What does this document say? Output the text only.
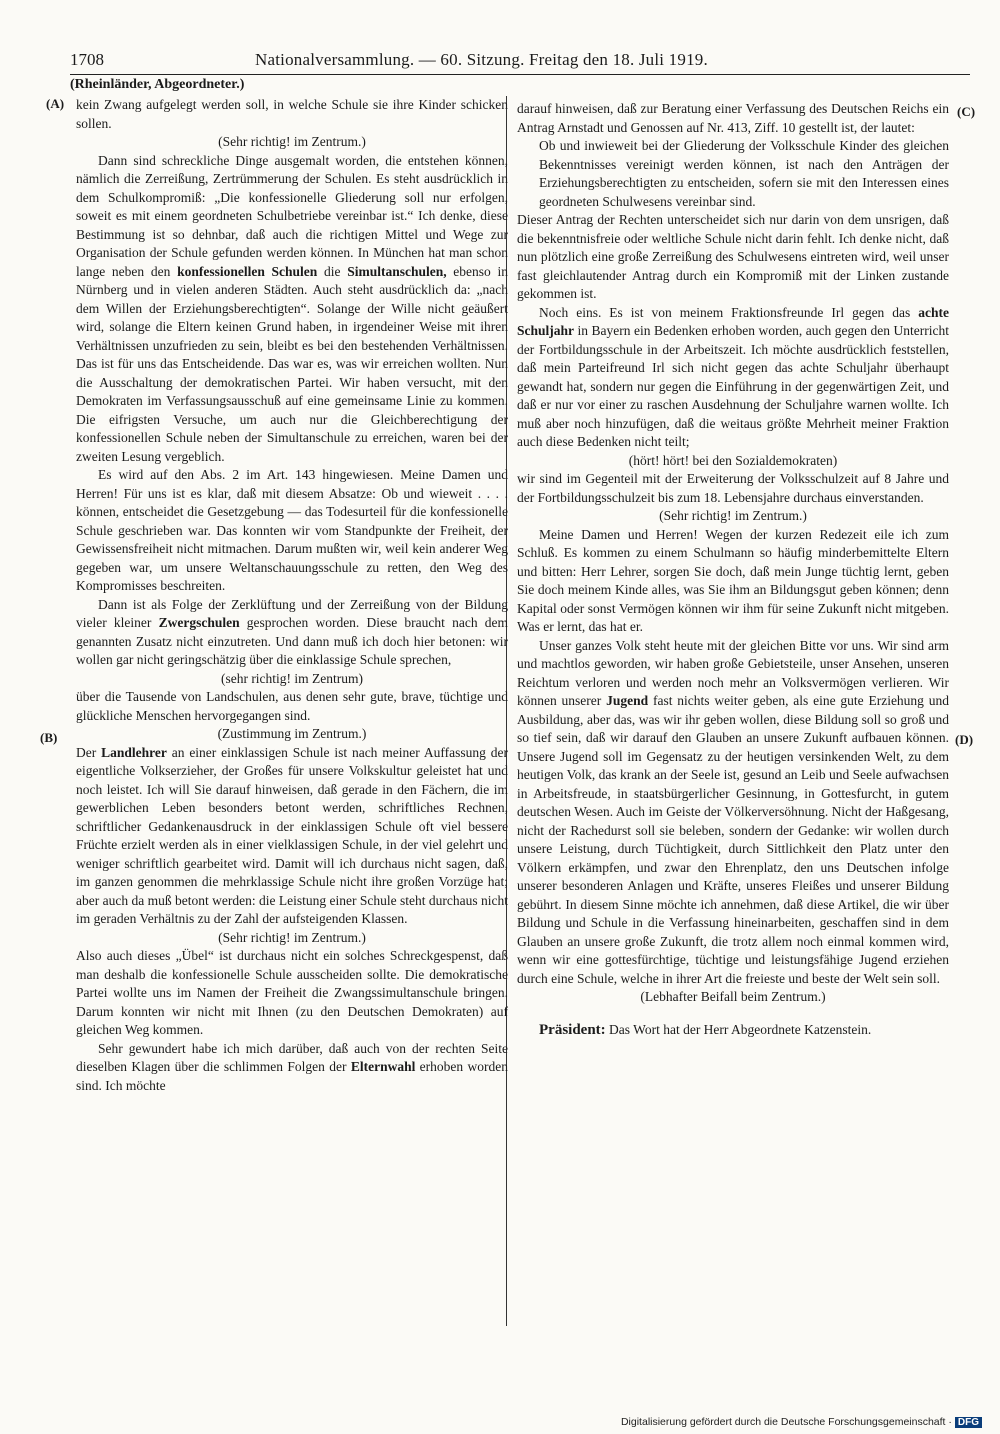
1708	Nationalversammlung. — 60. Sitzung. Freitag den 18. Juli 1919.
(Rheinländer, Abgeordneter.)
(A)
(B)
(C)
(D)

kein Zwang aufgelegt werden soll, in welche Schule sie ihre Kinder schicken sollen.

(Sehr richtig! im Zentrum.)

Dann sind schreckliche Dinge ausgemalt worden, die entstehen können, nämlich die Zerreißung, Zertrümmerung der Schulen. Es steht ausdrücklich in dem Schulkompromiß: „Die konfessionelle Gliederung soll nur erfolgen, soweit es mit einem geordneten Schulbetriebe vereinbar ist.“ Ich denke, diese Bestimmung ist so dehnbar, daß auch die richtigen Mittel und Wege zur Organisation der Schule gefunden werden können. In München hat man schon lange neben den konfessionellen Schulen die Simultanschulen, ebenso in Nürnberg und in vielen anderen Städten. Auch steht ausdrücklich da: „nach dem Willen der Erziehungsberechtigten“. Solange der Wille nicht geäußert wird, solange die Eltern keinen Grund haben, in irgendeiner Weise mit ihren Verhältnissen unzufrieden zu sein, bleibt es bei den bestehenden Verhältnissen. Das ist für uns das Entscheidende. Das war es, was wir erreichen wollten. Nun die Ausschaltung der demokratischen Partei. Wir haben versucht, mit den Demokraten im Verfassungsausschuß auf eine gemeinsame Linie zu kommen. Die eifrigsten Versuche, um auch nur die Gleichberechtigung der konfessionellen Schule neben der Simultanschule zu erreichen, waren bei der zweiten Lesung vergeblich.

Es wird auf den Abs. 2 im Art. 143 hingewiesen. Meine Damen und Herren! Für uns ist es klar, daß mit diesem Absatze: Ob und wieweit . . . . können, entscheidet die Gesetzgebung — das Todesurteil für die konfessionelle Schule geschrieben war. Das konnten wir vom Standpunkte der Freiheit, der Gewissensfreiheit nicht mitmachen. Darum mußten wir, weil kein anderer Weg gegeben war, um unsere Weltanschauungsschule zu retten, den Weg des Kompromisses beschreiten.

Dann ist als Folge der Zerklüftung und der Zerreißung von der Bildung vieler kleiner Zwergschulen gesprochen worden. Diese braucht nach dem genannten Zusatz nicht einzutreten. Und dann muß ich doch hier betonen: wir wollen gar nicht geringschätzig über die einklassige Schule sprechen,

(sehr richtig! im Zentrum)

über die Tausende von Landschulen, aus denen sehr gute, brave, tüchtige und glückliche Menschen hervorgegangen sind.

(Zustimmung im Zentrum.)

Der Landlehrer an einer einklassigen Schule ist nach meiner Auffassung der eigentliche Volkserzieher, der Großes für unsere Volkskultur geleistet hat und noch leistet. Ich will Sie darauf hinweisen, daß gerade in den Fächern, die im gewerblichen Leben besonders betont werden, schriftliches Rechnen, schriftlicher Gedankenausdruck in der einklassigen Schule oft viel bessere Früchte erzielt werden als in einer vielklassigen Schule, in der viel gelehrt und weniger schriftlich gearbeitet wird. Damit will ich durchaus nicht sagen, daß, im ganzen genommen die mehrklassige Schule nicht ihre großen Vorzüge hat; aber auch da muß betont werden: die Leistung einer Schule steht durchaus nicht im geraden Verhältnis zu der Zahl der aufsteigenden Klassen.

(Sehr richtig! im Zentrum.)

Also auch dieses „Übel“ ist durchaus nicht ein solches Schreckgespenst, daß man deshalb die konfessionelle Schule ausscheiden sollte. Die demokratische Partei wollte uns im Namen der Freiheit die Zwangssimultanschule bringen. Darum konnten wir nicht mit Ihnen (zu den Deutschen Demokraten) auf gleichen Weg kommen.

Sehr gewundert habe ich mich darüber, daß auch von der rechten Seite dieselben Klagen über die schlimmen Folgen der Elternwahl erhoben worden sind. Ich möchte

darauf hinweisen, daß zur Beratung einer Verfassung des Deutschen Reichs ein Antrag Arnstadt und Genossen auf Nr. 413, Ziff. 10 gestellt ist, der lautet:

Ob und inwieweit bei der Gliederung der Volksschule Kinder des gleichen Bekenntnisses vereinigt werden können, ist nach den Anträgen der Erziehungsberechtigten zu entscheiden, sofern sie mit den Interessen eines geordneten Schulwesens vereinbar sind.

Dieser Antrag der Rechten unterscheidet sich nur darin von dem unsrigen, daß die bekenntnisfreie oder weltliche Schule nicht darin fehlt. Ich denke nicht, daß nun plötzlich eine große Zerreißung des Schulwesens eintreten wird, weil unser fast gleichlautender Antrag durch ein Kompromiß mit der Linken zustande gekommen ist.

Noch eins. Es ist von meinem Fraktionsfreunde Irl gegen das achte Schuljahr in Bayern ein Bedenken erhoben worden, auch gegen den Unterricht der Fortbildungsschule in der Arbeitszeit. Ich möchte ausdrücklich feststellen, daß mein Parteifreund Irl sich nicht gegen das achte Schuljahr überhaupt gewandt hat, sondern nur gegen die Einführung in der gegenwärtigen Zeit, und daß er nur vor einer zu raschen Ausdehnung der Schuljahre warnen wollte. Ich muß aber noch hinzufügen, daß die weitaus größte Mehrheit meiner Fraktion auch diese Bedenken nicht teilt;

(hört! hört! bei den Sozialdemokraten)

wir sind im Gegenteil mit der Erweiterung der Volksschulzeit auf 8 Jahre und der Fortbildungsschulzeit bis zum 18. Lebensjahre durchaus einverstanden.

(Sehr richtig! im Zentrum.)

Meine Damen und Herren! Wegen der kurzen Redezeit eile ich zum Schluß. Es kommen zu einem Schulmann so häufig minderbemittelte Eltern und bitten: Herr Lehrer, sorgen Sie doch, daß mein Junge tüchtig lernt, geben Sie doch meinem Kinde alles, was Sie ihm an Bildungsgut geben können; denn Kapital oder sonst Vermögen können wir ihm für seine Zukunft nicht mitgeben. Was er lernt, das hat er.

Unser ganzes Volk steht heute mit der gleichen Bitte vor uns. Wir sind arm und machtlos geworden, wir haben große Gebietsteile, unser Ansehen, unseren Reichtum verloren und werden noch mehr an Volksvermögen verlieren. Wir können unserer Jugend fast nichts weiter geben, als eine gute Erziehung und Ausbildung, aber das, was wir ihr geben wollen, diese Bildung soll so groß und so tief sein, daß wir darauf den Glauben an unsere Zukunft aufbauen können. Unsere Jugend soll im Gegensatz zu der heutigen versinkenden Welt, zu dem heutigen Volk, das krank an der Seele ist, gesund an Leib und Seele aufwachsen in Arbeitsfreude, in staatsbürgerlicher Gesinnung, in Gottesfurcht, in gutem deutschen Wesen. Auch im Geiste der Völkerversöhnung. Nicht der Haßgesang, nicht der Rachedurst soll sie beleben, sondern der Gedanke: wir wollen durch unsere Leistung, durch Tüchtigkeit, durch Sittlichkeit den Platz unter den Völkern erkämpfen, und zwar den Ehrenplatz, den uns Deutschen infolge unserer besonderen Anlagen und Kräfte, unseres Fleißes und unserer Bildung gebührt. In diesem Sinne möchte ich annehmen, daß diese Artikel, die wir über Bildung und Schule in die Verfassung hineinarbeiten, geschaffen sind in dem Glauben an unsere große Zukunft, die trotz allem noch einmal kommen wird, wenn wir eine gottesfürchtige, tüchtige und leistungsfähige Jugend erziehen durch eine Schule, welche in ihrer Art die freieste und beste der Welt sein soll.

(Lebhafter Beifall beim Zentrum.)

Präsident: Das Wort hat der Herr Abgeordnete Katzenstein.

Digitalisierung gefördert durch die Deutsche Forschungsgemeinschaft · DFG
